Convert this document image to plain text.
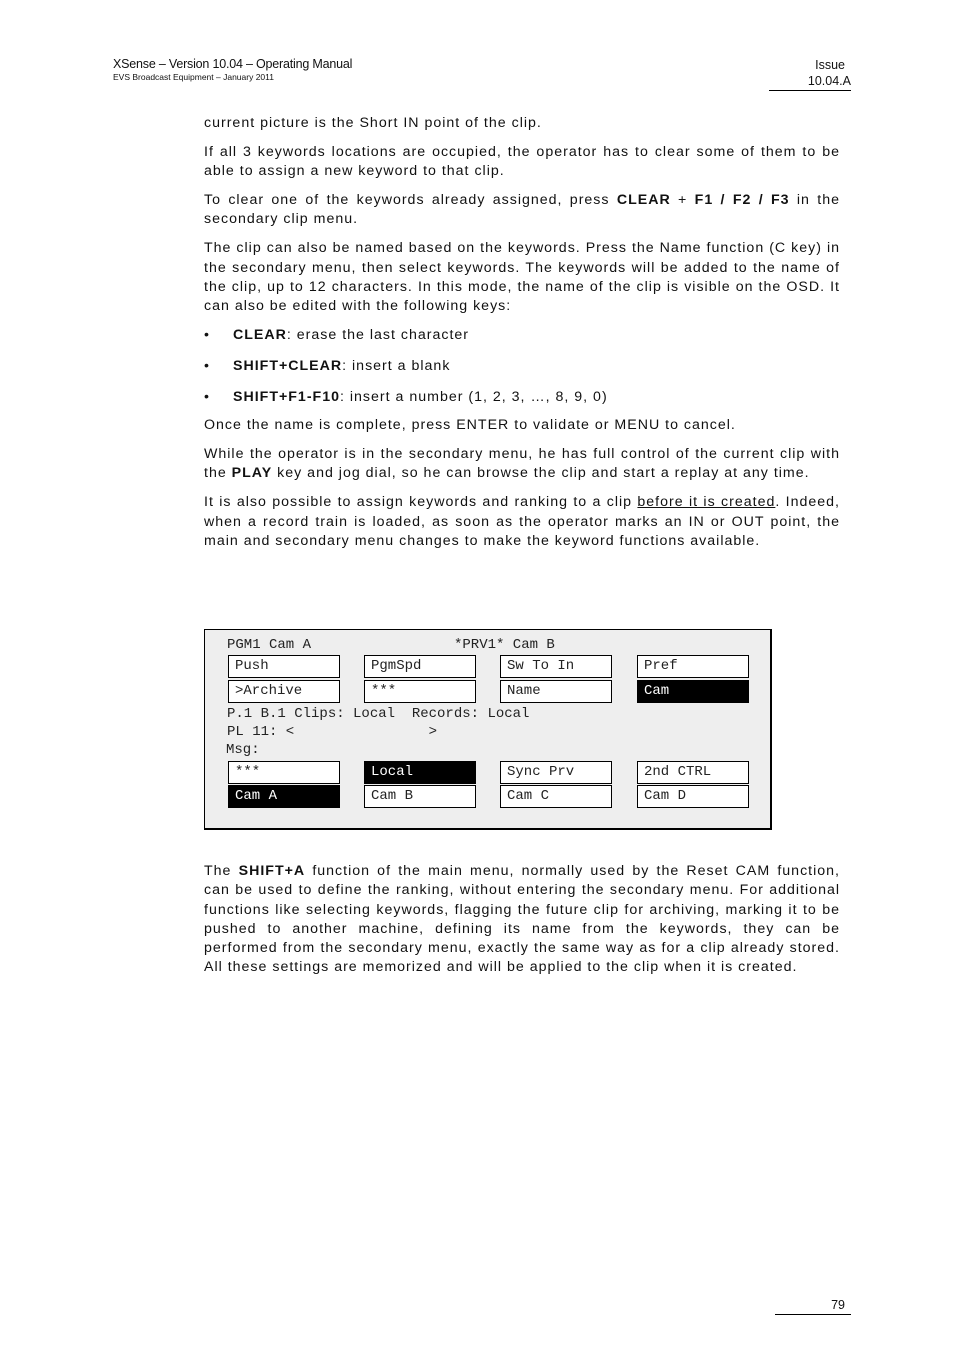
XSense – Version 10.04 – Operating Manual
EVS Broadcast Equipment – January 2011
Issue
10.04.A

current picture is the Short IN point of the clip.

If all 3 keywords locations are occupied, the operator has to clear some of them to be able to assign a new keyword to that clip.

To clear one of the keywords already assigned, press CLEAR + F1 / F2 / F3 in the secondary clip menu.

The clip can also be named based on the keywords. Press the Name function (C key) in the secondary menu, then select keywords. The keywords will be added to the name of the clip, up to 12 characters. In this mode, the name of the clip is visible on the OSD. It can also be edited with the following keys:

• CLEAR: erase the last character
• SHIFT+CLEAR: insert a blank
• SHIFT+F1-F10: insert a number (1, 2, 3, …, 8, 9, 0)

Once the name is complete, press ENTER to validate or MENU to cancel.

While the operator is in the secondary menu, he has full control of the current clip with the PLAY key and jog dial, so he can browse the clip and start a replay at any time.

It is also possible to assign keywords and ranking to a clip before it is created. Indeed, when a record train is loaded, as soon as the operator marks an IN or OUT point, the main and secondary menu changes to make the keyword functions available.

PGM1 Cam A	*PRV1* Cam B
Push	PgmSpd	Sw To In	Pref
>Archive	***	Name	Cam
P.1 B.1 Clips: Local  Records: Local
PL 11: <                >
Msg:
***	Local	Sync Prv	2nd CTRL
Cam A	Cam B	Cam C	Cam D

The SHIFT+A function of the main menu, normally used by the Reset CAM function, can be used to define the ranking, without entering the secondary menu. For additional functions like selecting keywords, flagging the future clip for archiving, marking it to be pushed to another machine, defining its name from the keywords, they can be performed from the secondary menu, exactly the same way as for a clip already stored. All these settings are memorized and will be applied to the clip when it is created.

79
